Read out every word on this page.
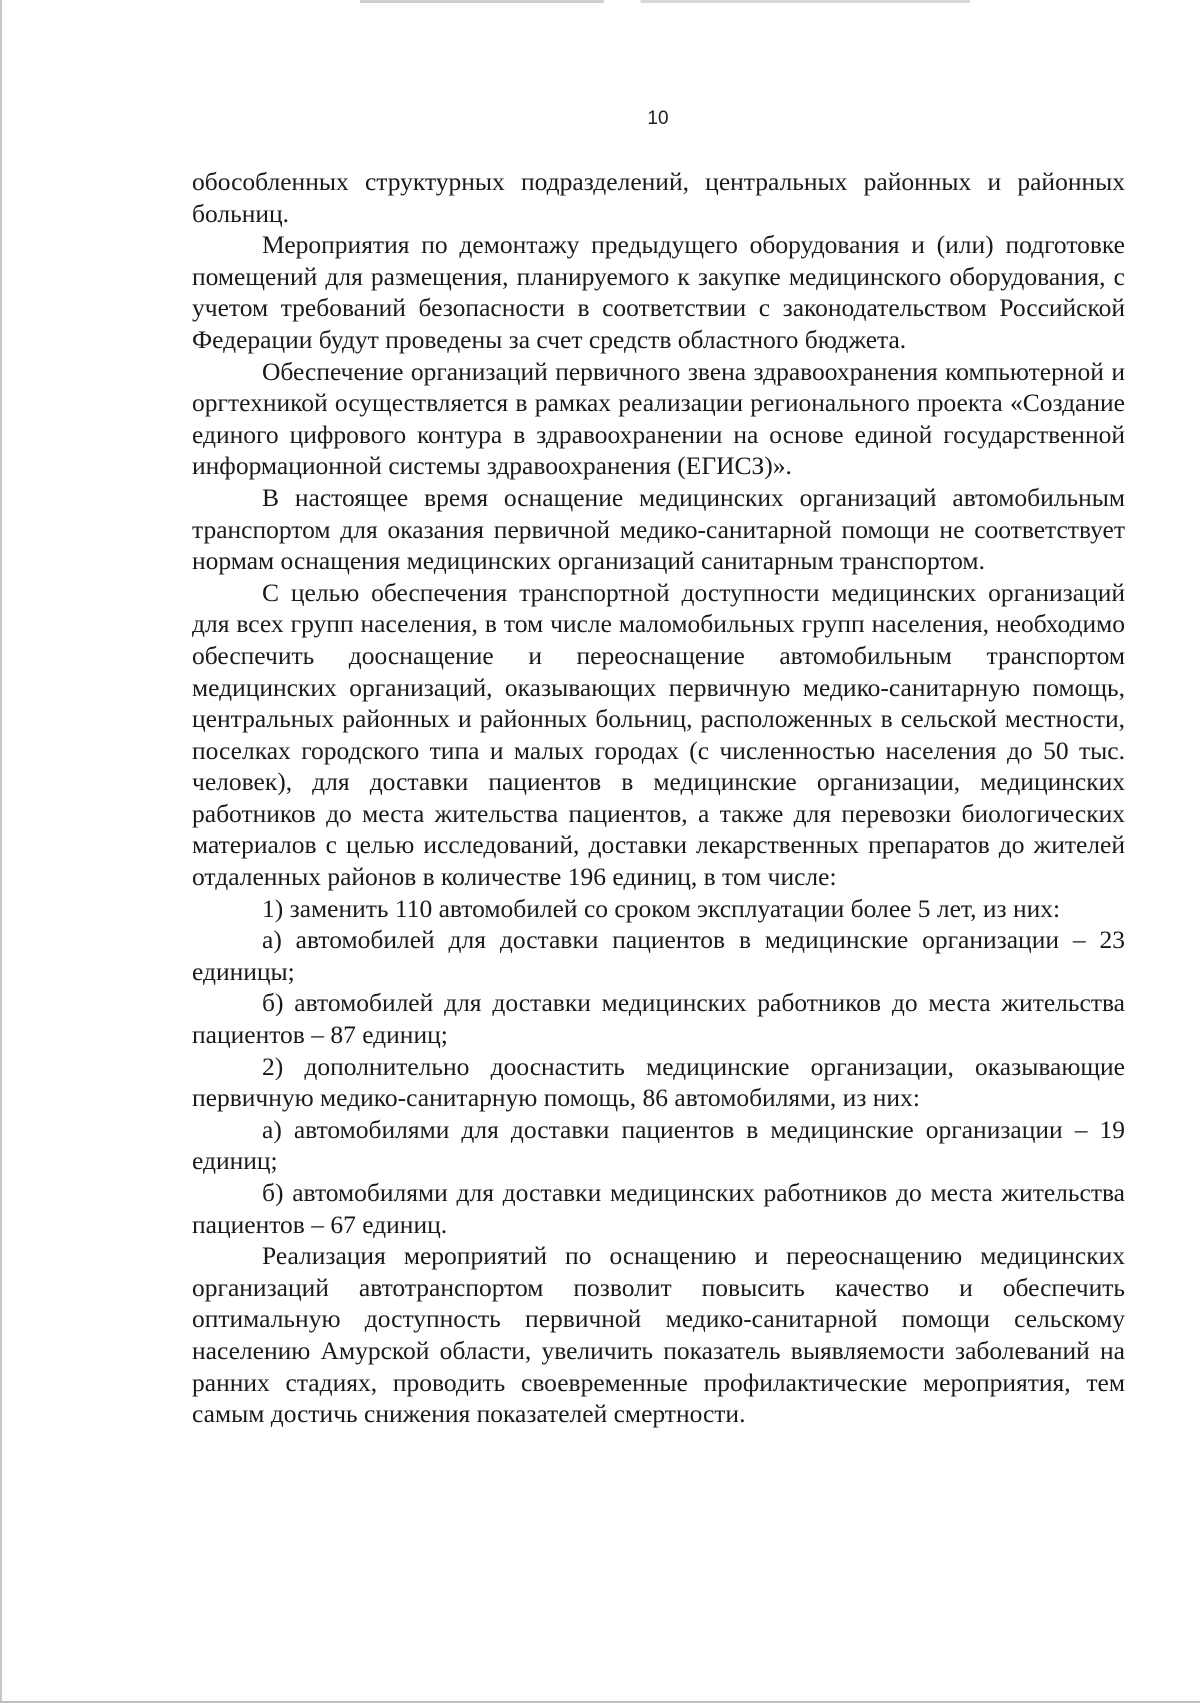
10

обособленных структурных подразделений, центральных районных и районных больниц.

Мероприятия по демонтажу предыдущего оборудования и (или) подготовке помещений для размещения, планируемого к закупке медицинского оборудования, с учетом требований безопасности в соответствии с законодательством Российской Федерации будут проведены за счет средств областного бюджета.

Обеспечение организаций первичного звена здравоохранения компьютерной и оргтехникой осуществляется в рамках реализации регионального проекта «Создание единого цифрового контура в здравоохранении на основе единой государственной информационной системы здравоохранения (ЕГИСЗ)».

В настоящее время оснащение медицинских организаций автомобильным транспортом для оказания первичной медико-санитарной помощи не соответствует нормам оснащения медицинских организаций санитарным транспортом.

С целью обеспечения транспортной доступности медицинских организаций для всех групп населения, в том числе маломобильных групп населения, необходимо обеспечить дооснащение и переоснащение автомобильным транспортом медицинских организаций, оказывающих первичную медико-санитарную помощь, центральных районных и районных больниц, расположенных в сельской местности, поселках городского типа и малых городах (с численностью населения до 50 тыс. человек), для доставки пациентов в медицинские организации, медицинских работников до места жительства пациентов, а также для перевозки биологических материалов с целью исследований, доставки лекарственных препаратов до жителей отдаленных районов в количестве 196 единиц, в том числе:

1) заменить 110 автомобилей со сроком эксплуатации более 5 лет, из них:

а) автомобилей для доставки пациентов в медицинские организации – 23 единицы;

б) автомобилей для доставки медицинских работников до места жительства пациентов – 87 единиц;

2) дополнительно дооснастить медицинские организации, оказывающие первичную медико-санитарную помощь, 86 автомобилями, из них:

а) автомобилями для доставки пациентов в медицинские организации – 19 единиц;

б) автомобилями для доставки медицинских работников до места жительства пациентов – 67 единиц.

Реализация мероприятий по оснащению и переоснащению медицинских организаций автотранспортом позволит повысить качество и обеспечить оптимальную доступность первичной медико-санитарной помощи сельскому населению Амурской области, увеличить показатель выявляемости заболеваний на ранних стадиях, проводить своевременные профилактические мероприятия, тем самым достичь снижения показателей смертности.
